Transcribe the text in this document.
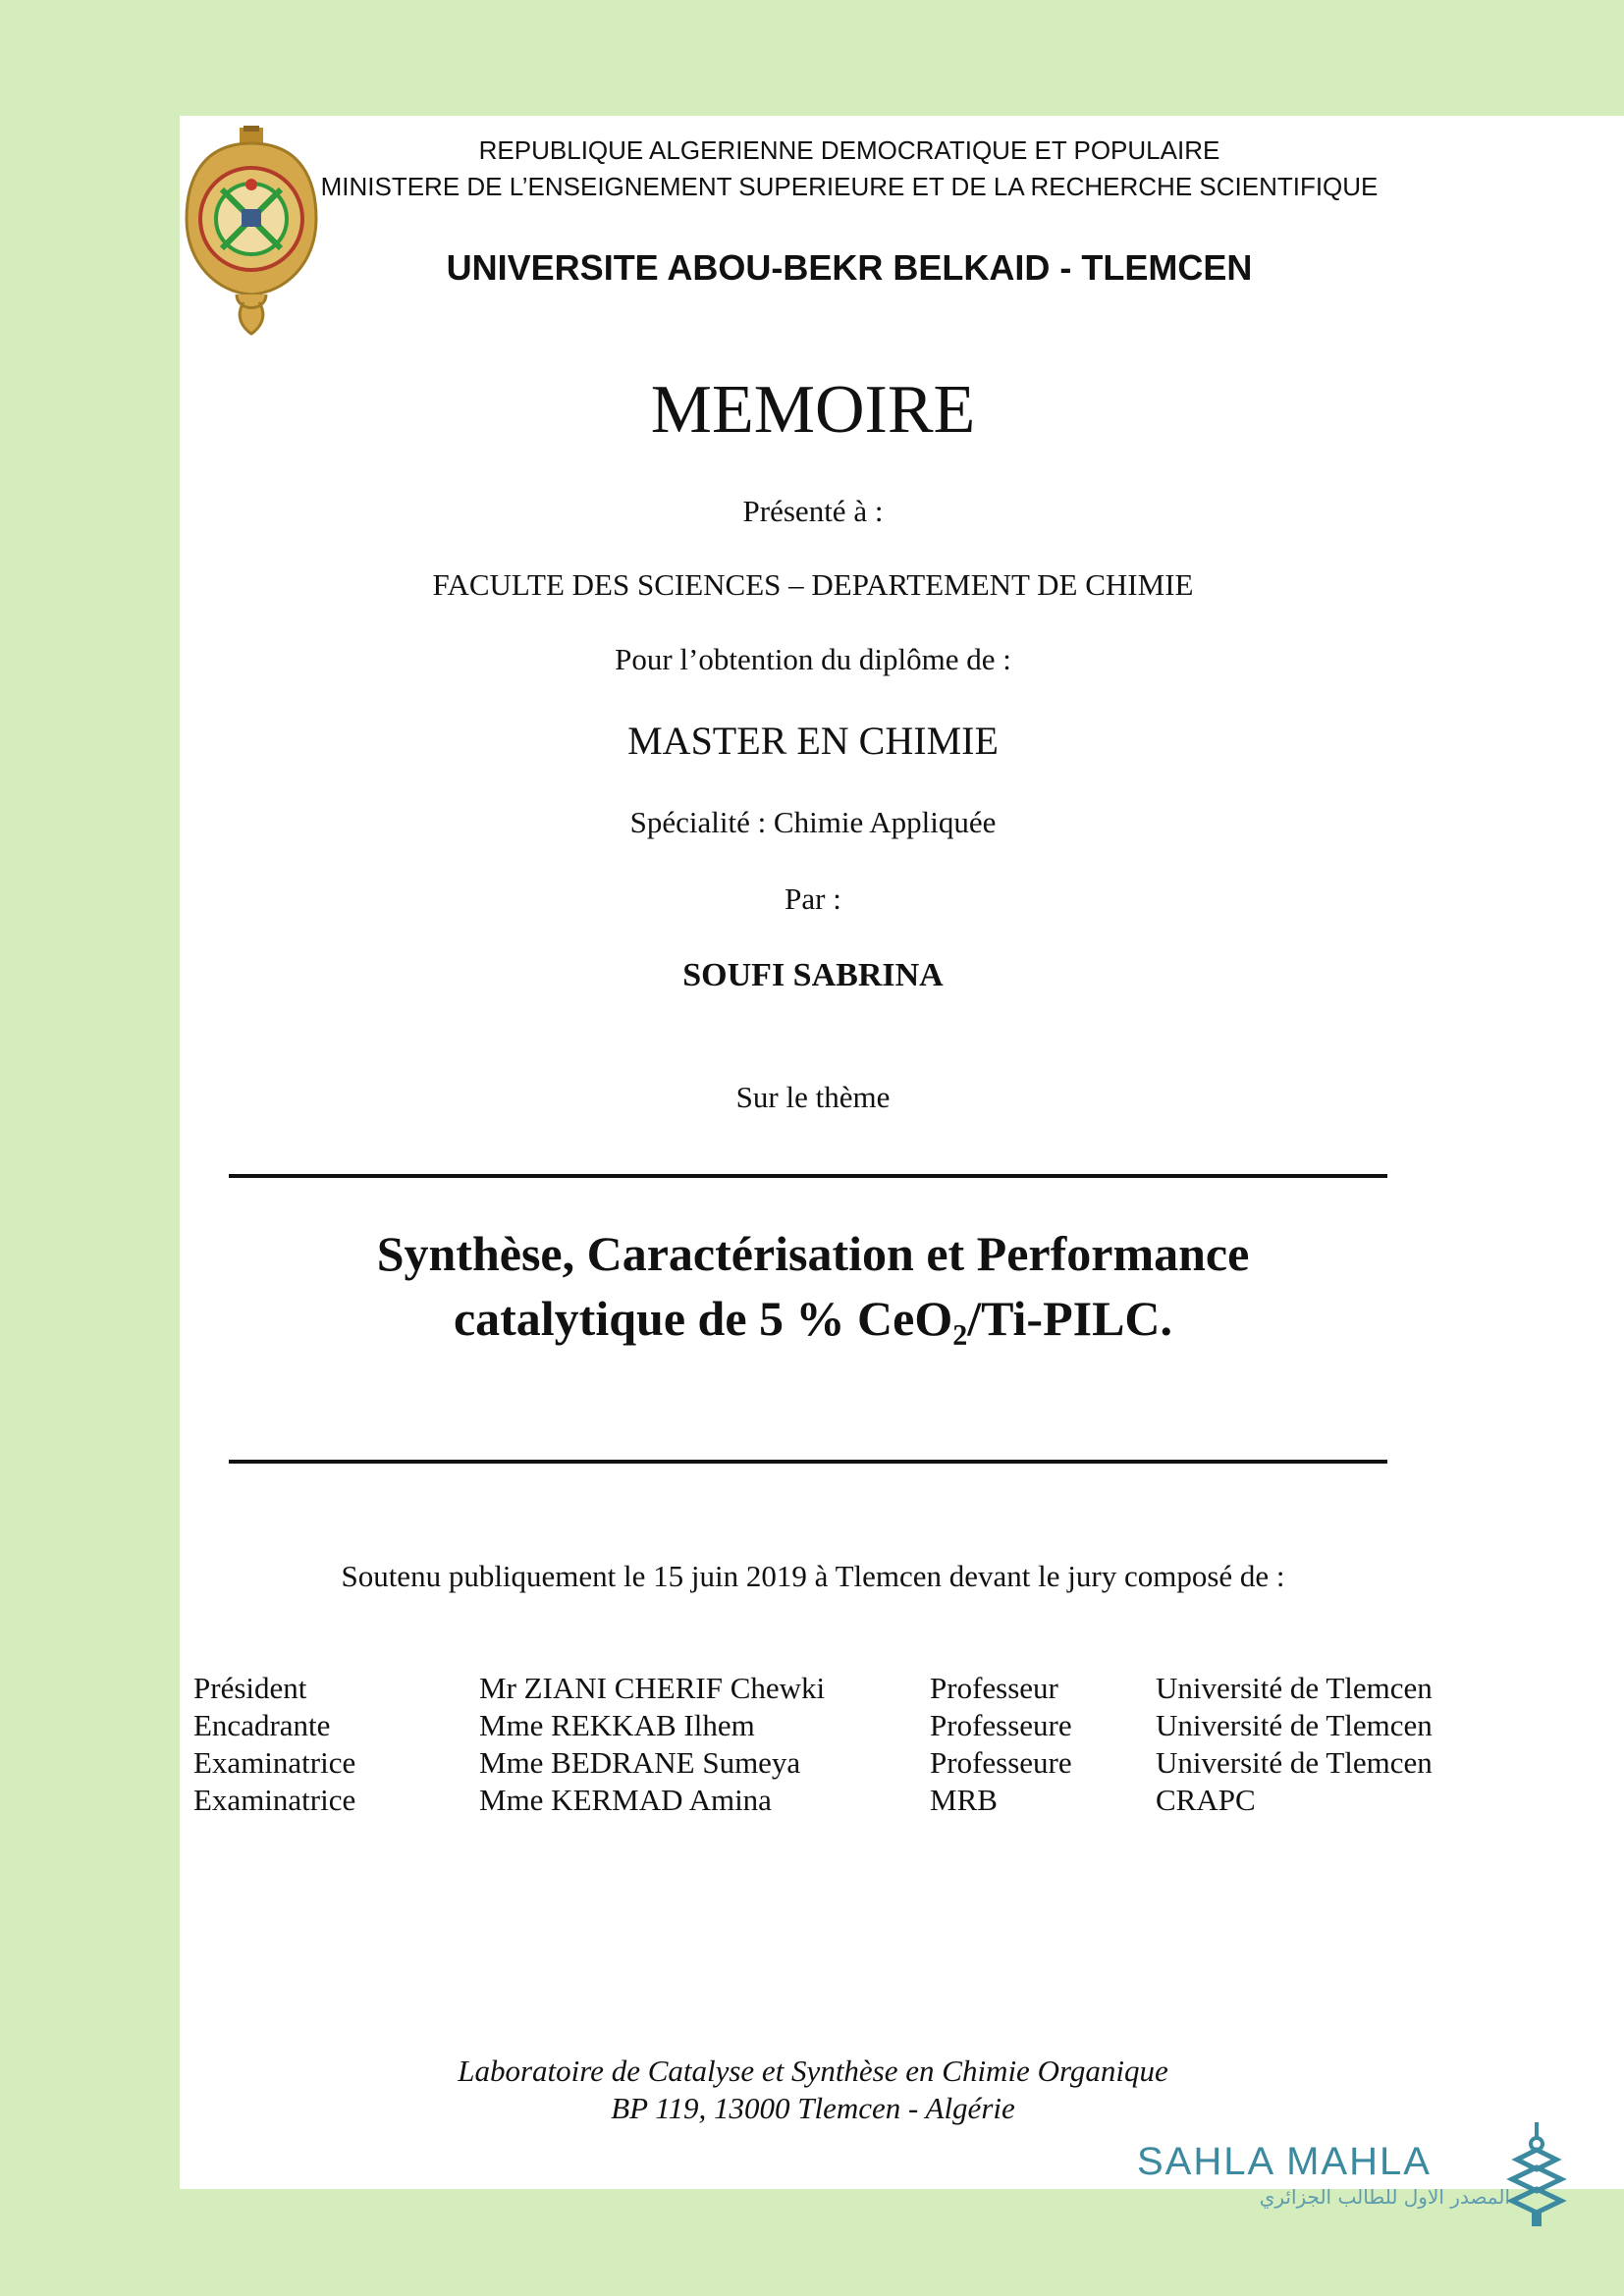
REPUBLIQUE ALGERIENNE DEMOCRATIQUE ET POPULAIRE
MINISTERE DE L’ENSEIGNEMENT SUPERIEURE ET DE LA RECHERCHE SCIENTIFIQUE
UNIVERSITE ABOU-BEKR BELKAID - TLEMCEN
MEMOIRE
Présenté à :
FACULTE DES SCIENCES – DEPARTEMENT DE CHIMIE
Pour l’obtention du diplôme de :
MASTER EN CHIMIE
Spécialité : Chimie Appliquée
Par :
SOUFI SABRINA
Sur le thème
Synthèse, Caractérisation et Performance
catalytique de 5 % CeO₂/Ti-PILC.
Soutenu publiquement le 15 juin 2019 à Tlemcen devant le jury composé de :
Président	Mr ZIANI CHERIF Chewki	Professeur	Université de Tlemcen
Encadrante	Mme REKKAB Ilhem	Professeure	Université de Tlemcen
Examinatrice	Mme BEDRANE Sumeya	Professeure	Université de Tlemcen
Examinatrice	Mme KERMAD Amina	MRB	CRAPC
Laboratoire de Catalyse et Synthèse en Chimie Organique
BP 119, 13000 Tlemcen - Algérie
SAHLA MAHLA
المصدر الاول للطالب الجزائري
